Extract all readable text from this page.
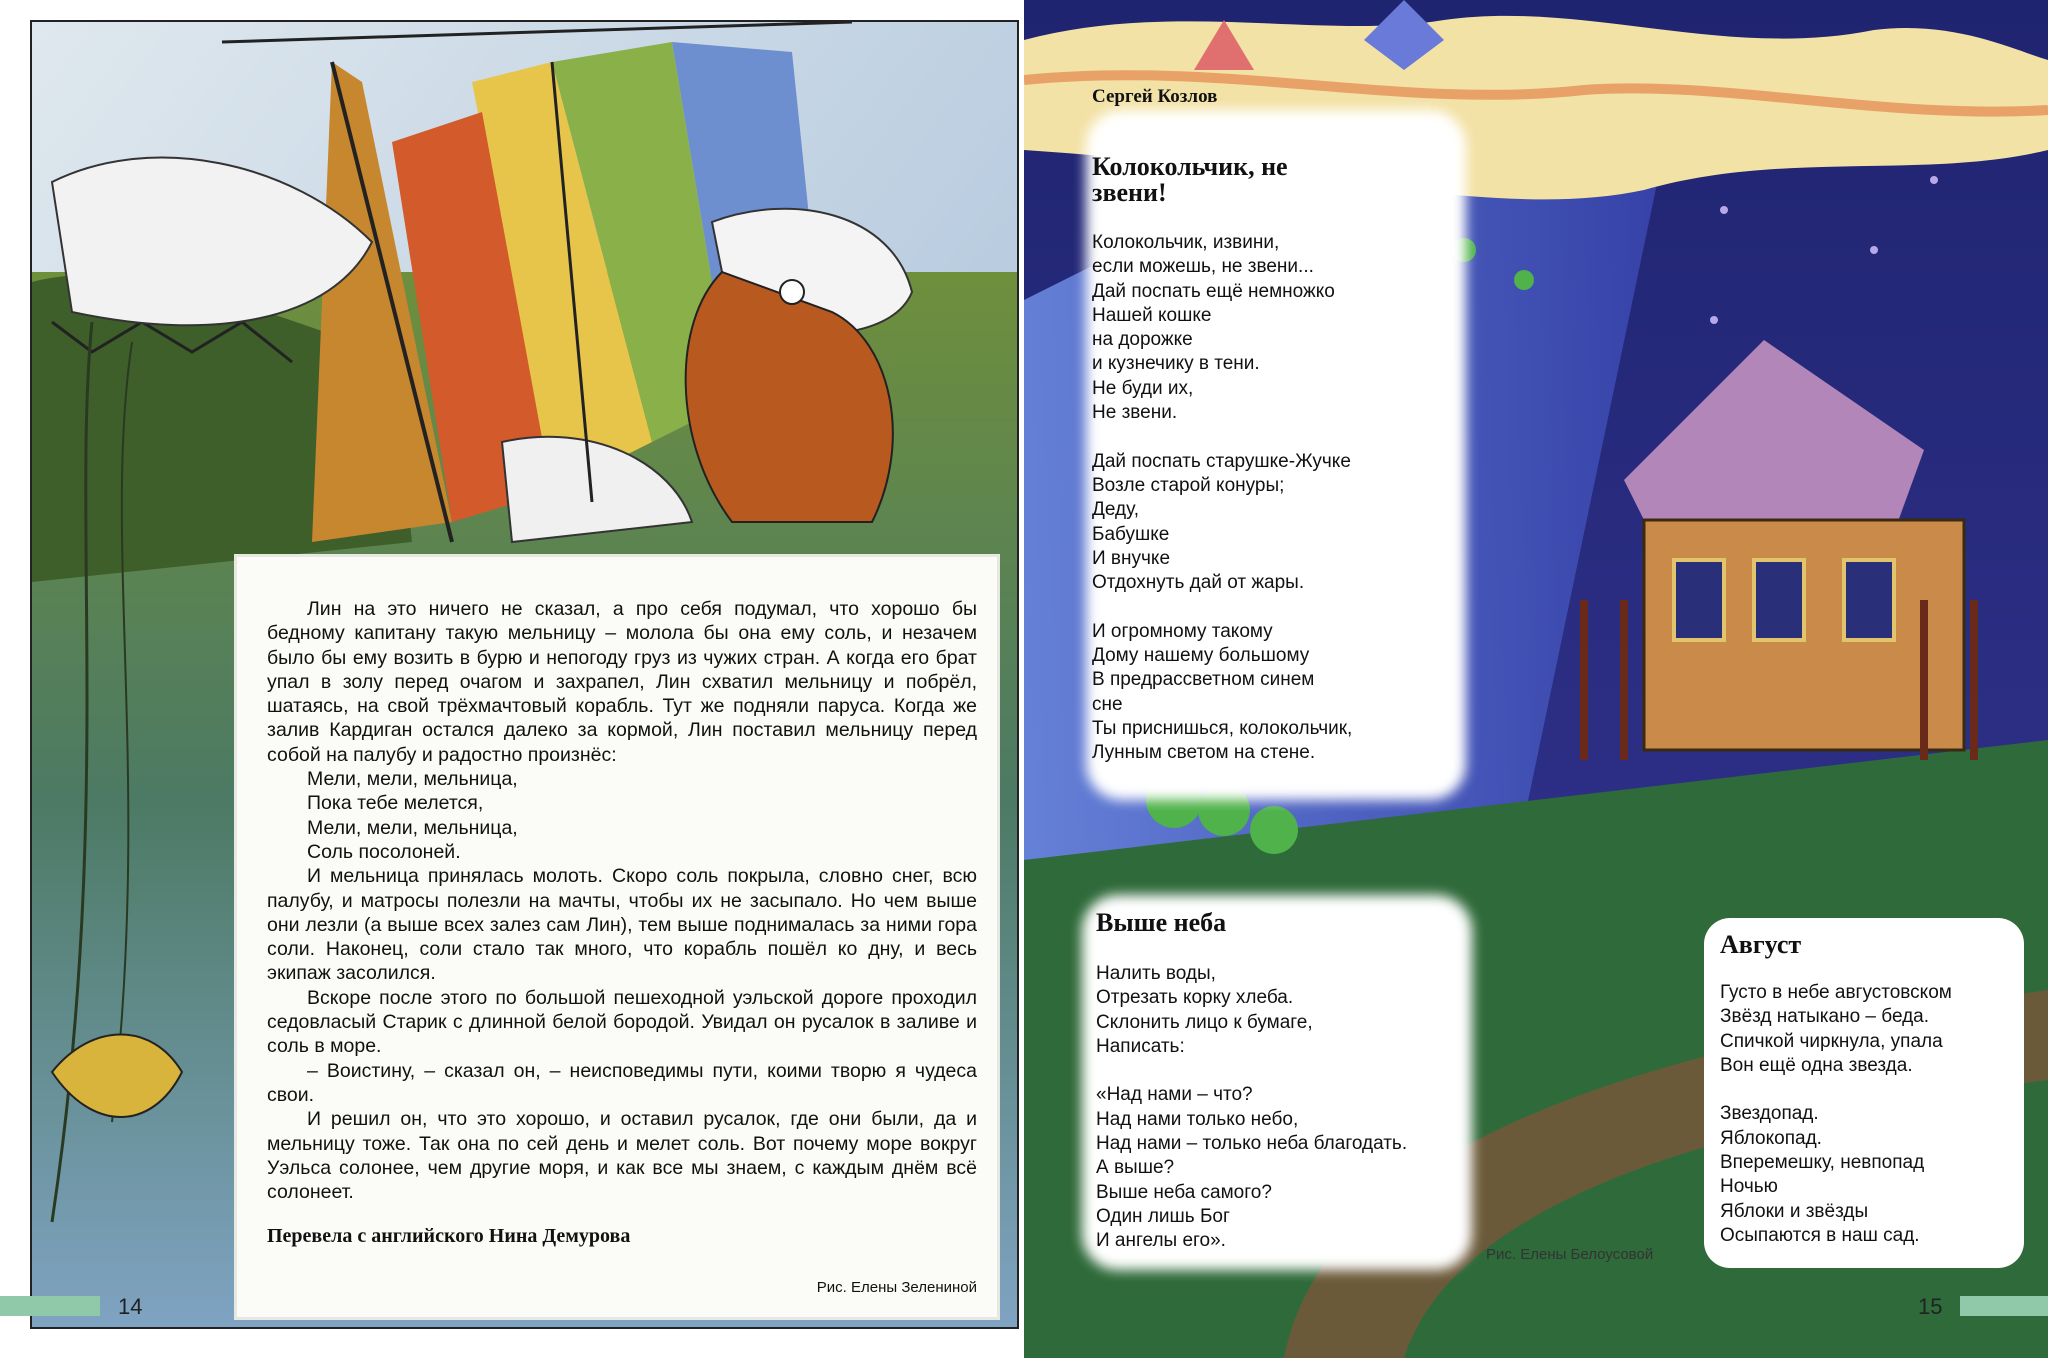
Лин на это ничего не сказал, а про себя подумал, что хорошо бы бедному капитану такую мельницу – молола бы она ему соль, и незачем было бы ему возить в бурю и непогоду груз из чужих стран. А когда его брат упал в золу перед очагом и захрапел, Лин схватил мельницу и побрёл, шатаясь, на свой трёхмачтовый корабль. Тут же подняли паруса. Когда же залив Кардиган остался далеко за кормой, Лин поставил мельницу перед собой на палубу и радостно произнёс:

Мели, мели, мельница,

Пока тебе мелется,

Мели, мели, мельница,

Соль посолоней.

И мельница принялась молоть. Скоро соль покрыла, словно снег, всю палубу, и матросы полезли на мачты, чтобы их не засыпало. Но чем выше они лезли (а выше всех залез сам Лин), тем выше поднималась за ними гора соли. Наконец, соли стало так много, что корабль пошёл ко дну, и весь экипаж засолился.

Вскоре после этого по большой пешеходной уэльской дороге проходил седовласый Старик с длинной белой бородой. Увидал он русалок в заливе и соль в море.

– Воистину, – сказал он, – неисповедимы пути, коими творю я чудеса свои.

И решил он, что это хорошо, и оставил русалок, где они были, да и мельницу тоже. Так она по сей день и мелет соль. Вот почему море вокруг Уэльса солонее, чем другие моря, и как все мы знаем, с каждым днём всё солонеет.

Перевела с английского Нина Демурова
Рис. Елены Зелениной
14
Сергей Козлов
Колокольчик, не
звени!
Колокольчик, извини,
если можешь, не звени...
Дай поспать ещё немножко
Нашей кошке
на дорожке
и кузнечику в тени.
Не буди их,
Не звени.

Дай поспать старушке-Жучке
Возле старой конуры;
Деду,
Бабушке
И внучке
Отдохнуть дай от жары.

И огромному такому
Дому нашему большому
В предрассветном синем
сне
Ты приснишься, колокольчик,
Лунным светом на стене.
Выше неба
Налить воды,
Отрезать корку хлеба.
Склонить лицо к бумаге,
Написать:

«Над нами – что?
Над нами только небо,
Над нами – только неба благодать.
А выше?
Выше неба самого?
Один лишь Бог
И ангелы его».
Август
Густо в небе августовском
Звёзд натыкано – беда.
Спичкой чиркнула, упала
Вон ещё одна звезда.

Звездопад.
Яблокопад.
Вперемешку, невпопад
Ночью
Яблоки и звёзды
Осыпаются в наш сад.
Рис. Елены Белоусовой
15
